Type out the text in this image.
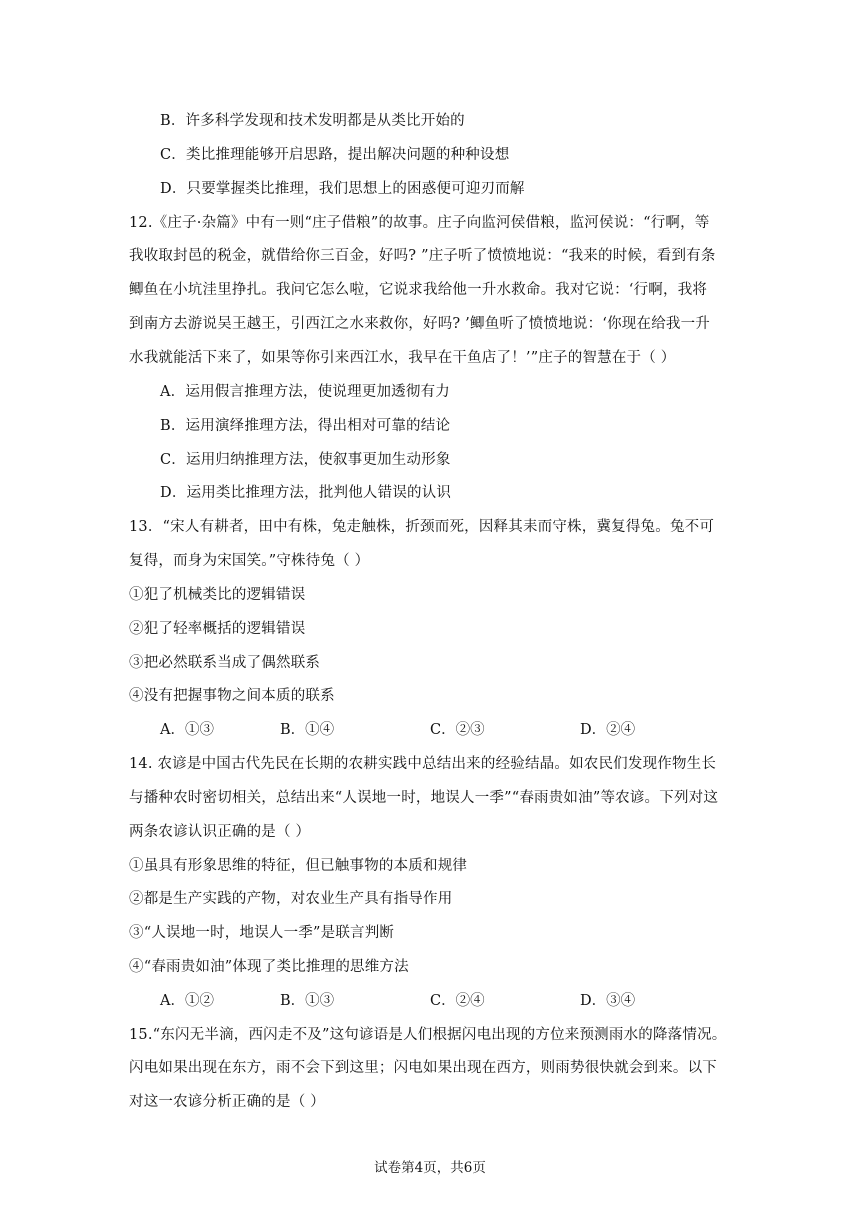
B．许多科学发现和技术发明都是从类比开始的
C．类比推理能够开启思路，提出解决问题的种种设想
D．只要掌握类比推理，我们思想上的困惑便可迎刃而解
12.《庄子·杂篇》中有一则“庄子借粮”的故事。庄子向监河侯借粮，监河侯说：“行啊，等
我收取封邑的税金，就借给你三百金，好吗? ”庄子听了愤愤地说：“我来的时候，看到有条
鲫鱼在小坑洼里挣扎。我问它怎么啦，它说求我给他一升水救命。我对它说：‘行啊，我将
到南方去游说吴王越王，引西江之水来救你，好吗? ’鲫鱼听了愤愤地说：‘你现在给我一升
水我就能活下来了，如果等你引来西江水，我早在干鱼店了！’”庄子的智慧在于（ ）
A．运用假言推理方法，使说理更加透彻有力
B．运用演绎推理方法，得出相对可靠的结论
C．运用归纳推理方法，使叙事更加生动形象
D．运用类比推理方法，批判他人错误的认识
13．“宋人有耕者，田中有株，兔走触株，折颈而死，因释其耒而守株，冀复得兔。兔不可
复得，而身为宋国笑。”守株待兔（ ）
①犯了机械类比的逻辑错误
②犯了轻率概括的逻辑错误
③把必然联系当成了偶然联系
④没有把握事物之间本质的联系
A．①③	B．①④	C．②③	D．②④
14. 农谚是中国古代先民在长期的农耕实践中总结出来的经验结晶。如农民们发现作物生长
与播种农时密切相关，总结出来“人误地一时，地误人一季”“春雨贵如油”等农谚。下列对这
两条农谚认识正确的是（ ）
①虽具有形象思维的特征，但已触事物的本质和规律
②都是生产实践的产物，对农业生产具有指导作用
③“人误地一时，地误人一季”是联言判断
④“春雨贵如油”体现了类比推理的思维方法
A．①②	B．①③	C．②④	D．③④
15.“东闪无半滴，西闪走不及”这句谚语是人们根据闪电出现的方位来预测雨水的降落情况。
闪电如果出现在东方，雨不会下到这里；闪电如果出现在西方，则雨势很快就会到来。以下
对这一农谚分析正确的是（ ）
试卷第4页，共6页
